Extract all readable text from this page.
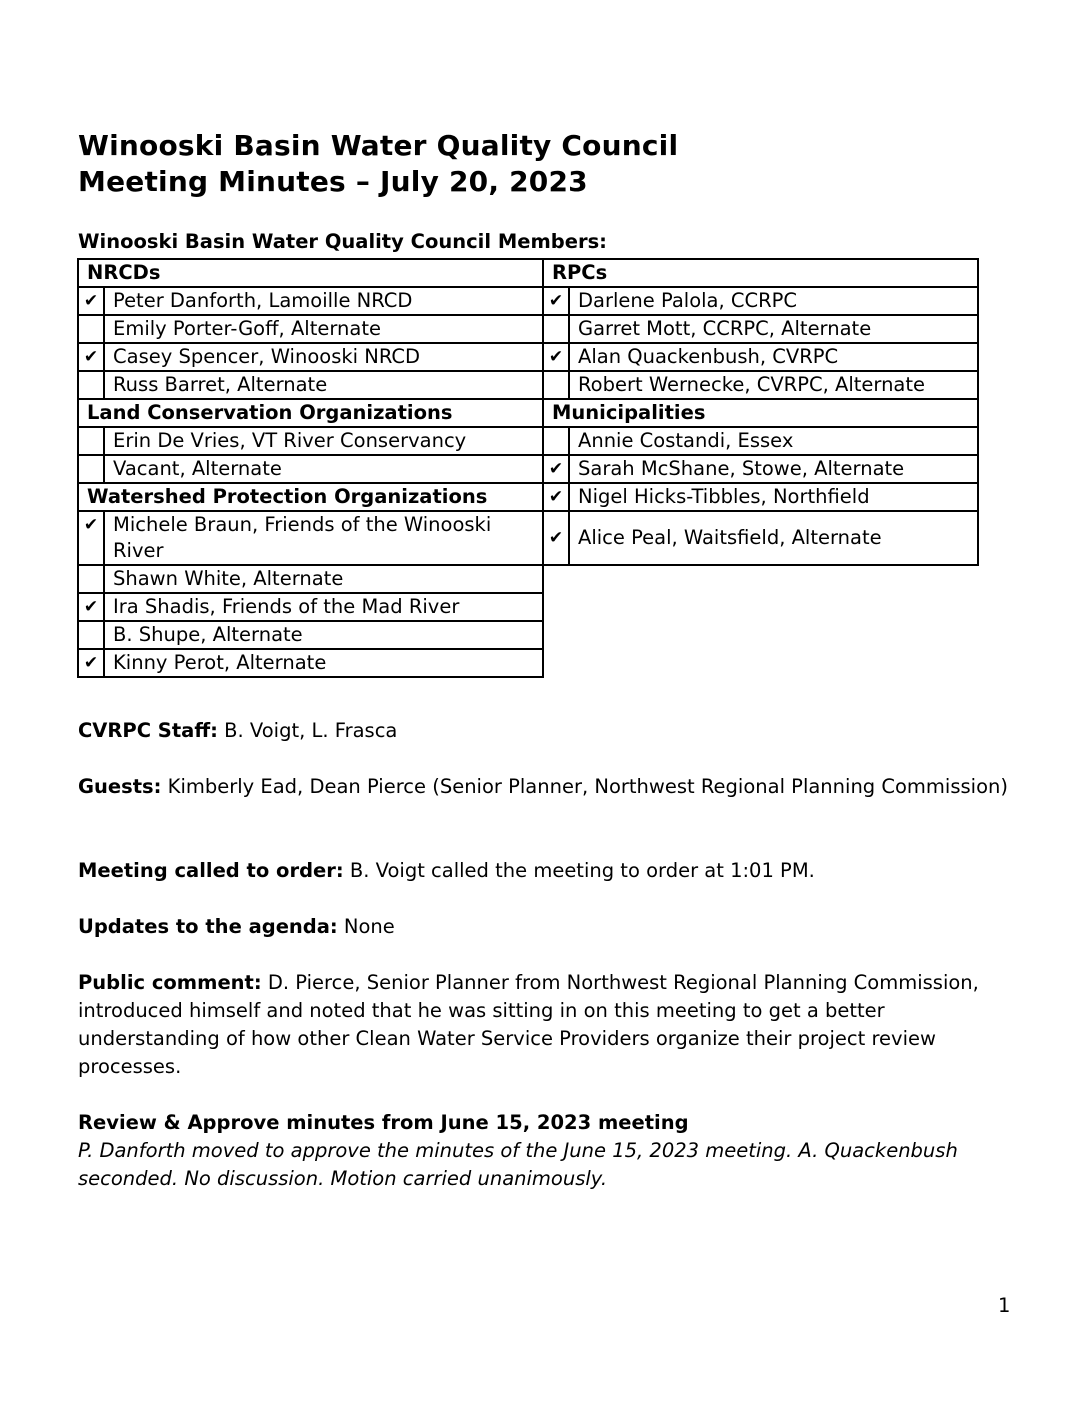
Winooski Basin Water Quality Council
Meeting Minutes – July 20, 2023
Winooski Basin Water Quality Council Members:
NRCDs		RPCs	
✔	Peter Danforth, Lamoille NRCD	✔	Darlene Palola, CCRPC
	Emily Porter-Goff, Alternate		Garret Mott, CCRPC, Alternate
✔	Casey Spencer, Winooski NRCD	✔	Alan Quackenbush, CVRPC
	Russ Barret, Alternate		Robert Wernecke, CVRPC, Alternate
Land Conservation Organizations		Municipalities	
	Erin De Vries, VT River Conservancy		Annie Costandi, Essex
	Vacant, Alternate	✔	Sarah McShane, Stowe, Alternate
Watershed Protection Organizations		✔	Nigel Hicks-Tibbles, Northfield
✔	Michele Braun, Friends of the Winooski River	✔	Alice Peal, Waitsfield, Alternate
	Shawn White, Alternate		
✔	Ira Shadis, Friends of the Mad River		
	B. Shupe, Alternate		
✔	Kinny Perot, Alternate		
CVRPC Staff: B. Voigt, L. Frasca
Guests: Kimberly Ead, Dean Pierce (Senior Planner, Northwest Regional Planning Commission)
Meeting called to order: B. Voigt called the meeting to order at 1:01 PM.
Updates to the agenda: None
Public comment: D. Pierce, Senior Planner from Northwest Regional Planning Commission, introduced himself and noted that he was sitting in on this meeting to get a better understanding of how other Clean Water Service Providers organize their project review processes.
Review & Approve minutes from June 15, 2023 meeting
P. Danforth moved to approve the minutes of the June 15, 2023 meeting. A. Quackenbush seconded. No discussion. Motion carried unanimously.
1
